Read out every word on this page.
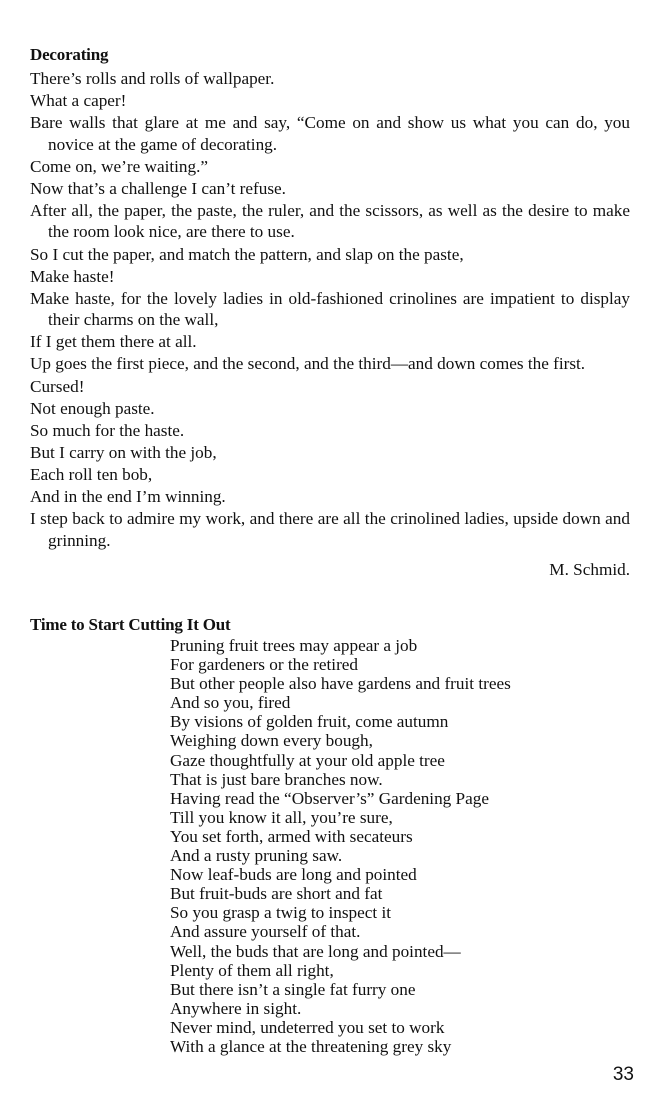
Decorating

There’s rolls and rolls of wallpaper.

What a caper!

Bare walls that glare at me and say, “Come on and show us what you can do, you novice at the game of decorating.

Come on, we’re waiting.”

Now that’s a challenge I can’t refuse.

After all, the paper, the paste, the ruler, and the scissors, as well as the desire to make the room look nice, are there to use.

So I cut the paper, and match the pattern, and slap on the paste,

Make haste!

Make haste, for the lovely ladies in old-fashioned crinolines are impatient to display their charms on the wall,

If I get them there at all.

Up goes the first piece, and the second, and the third—and down comes the first.

Cursed!

Not enough paste.

So much for the haste.

But I carry on with the job,

Each roll ten bob,

And in the end I’m winning.

I step back to admire my work, and there are all the crinolined ladies, upside down and grinning.

M. Schmid.
Time to Start Cutting It Out

Pruning fruit trees may appear a job

For gardeners or the retired

But other people also have gardens and fruit trees

And so you, fired

By visions of golden fruit, come autumn

Weighing down every bough,

Gaze thoughtfully at your old apple tree

That is just bare branches now.

Having read the “Observer’s” Gardening Page

Till you know it all, you’re sure,

You set forth, armed with secateurs

And a rusty pruning saw.

Now leaf-buds are long and pointed

But fruit-buds are short and fat

So you grasp a twig to inspect it

And assure yourself of that.

Well, the buds that are long and pointed—

Plenty of them all right,

But there isn’t a single fat furry one

Anywhere in sight.

Never mind, undeterred you set to work

With a glance at the threatening grey sky

33
